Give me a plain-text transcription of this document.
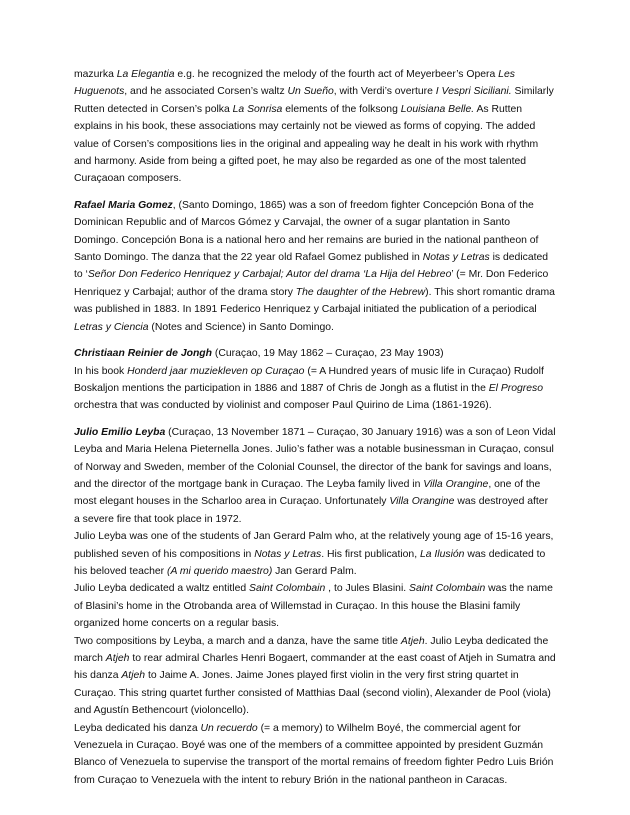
mazurka La Elegantia e.g. he recognized the melody of the fourth act of Meyerbeer’s Opera Les Huguenots, and he associated Corsen’s waltz Un Sueño, with Verdi’s overture I Vespri Siciliani. Similarly Rutten detected in Corsen’s polka La Sonrisa elements of the folksong Louisiana Belle. As Rutten explains in his book, these associations may certainly not be viewed as forms of copying. The added value of Corsen’s compositions lies in the original and appealing way he dealt in his work with rhythm and harmony. Aside from being a gifted poet, he may also be regarded as one of the most talented Curaçaoan composers.

Rafael Maria Gomez, (Santo Domingo, 1865) was a son of freedom fighter Concepción Bona of the Dominican Republic and of Marcos Gómez y Carvajal, the owner of a sugar plantation in Santo Domingo. Concepción Bona is a national hero and her remains are buried in the national pantheon of Santo Domingo. The danza that the 22 year old Rafael Gomez published in Notas y Letras is dedicated to ‘Señor Don Federico Henriquez y Carbajal; Autor del drama ‘La Hija del Hebreo’ (= Mr. Don Federico Henriquez y Carbajal; author of the drama story The daughter of the Hebrew). This short romantic drama was published in 1883. In 1891 Federico Henriquez y Carbajal initiated the publication of a periodical Letras y Ciencia (Notes and Science) in Santo Domingo.

Christiaan Reinier de Jongh (Curaçao, 19 May 1862 – Curaçao, 23 May 1903)

In his book Honderd jaar muziekleven op Curaçao (= A Hundred years of music life in Curaçao) Rudolf Boskaljon mentions the participation in 1886 and 1887 of Chris de Jongh as a flutist in the El Progreso orchestra that was conducted by violinist and composer Paul Quirino de Lima (1861-1926).

Julio Emilio Leyba (Curaçao, 13 November 1871 – Curaçao, 30 January 1916) was a son of Leon Vidal Leyba and Maria Helena Pieternella Jones. Julio’s father was a notable businessman in Curaçao, consul of Norway and Sweden, member of the Colonial Counsel, the director of the bank for savings and loans, and the director of the mortgage bank in Curaçao. The Leyba family lived in Villa Orangine, one of the most elegant houses in the Scharloo area in Curaçao. Unfortunately Villa Orangine was destroyed after a severe fire that took place in 1972.

Julio Leyba was one of the students of Jan Gerard Palm who, at the relatively young age of 15-16 years, published seven of his compositions in Notas y Letras. His first publication, La Ilusión was dedicated to his beloved teacher (A mi querido maestro) Jan Gerard Palm.

Julio Leyba dedicated a waltz entitled Saint Colombain , to Jules Blasini. Saint Colombain was the name of Blasini’s home in the Otrobanda area of Willemstad in Curaçao. In this house the Blasini family organized home concerts on a regular basis.

Two compositions by Leyba, a march and a danza, have the same title Atjeh. Julio Leyba dedicated the march Atjeh to rear admiral Charles Henri Bogaert, commander at the east coast of Atjeh in Sumatra and his danza Atjeh to Jaime A. Jones. Jaime Jones played first violin in the very first string quartet in Curaçao. This string quartet further consisted of Matthias Daal (second violin), Alexander de Pool (viola) and Agustín Bethencourt (violoncello).

Leyba dedicated his danza Un recuerdo (= a memory) to Wilhelm Boyé, the commercial agent for Venezuela in Curaçao. Boyé was one of the members of a committee appointed by president Guzmán Blanco of Venezuela to supervise the transport of the mortal remains of freedom fighter Pedro Luis Brión from Curaçao to Venezuela with the intent to rebury Brión in the national pantheon in Caracas.
